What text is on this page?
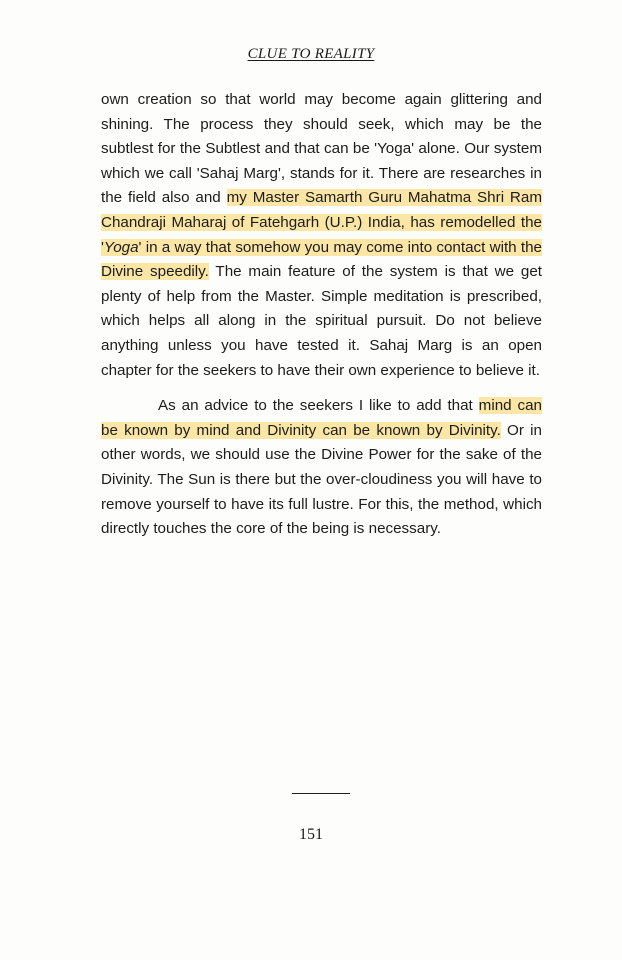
CLUE TO REALITY

own creation so that world may become again glittering and shining. The process they should seek, which may be the subtlest for the Subtlest and that can be 'Yoga' alone. Our system which we call 'Sahaj Marg', stands for it. There are researches in the field also and my Master Samarth Guru Mahatma Shri Ram Chandraji Maharaj of Fatehgarh (U.P.) India, has remodelled the 'Yoga' in a way that somehow you may come into contact with the Divine speedily. The main feature of the system is that we get plenty of help from the Master. Simple meditation is prescribed, which helps all along in the spiritual pursuit. Do not believe anything unless you have tested it. Sahaj Marg is an open chapter for the seekers to have their own experience to believe it.

As an advice to the seekers I like to add that mind can be known by mind and Divinity can be known by Divinity. Or in other words, we should use the Divine Power for the sake of the Divinity. The Sun is there but the over-cloudiness you will have to remove yourself to have its full lustre. For this, the method, which directly touches the core of the being is necessary.

151
